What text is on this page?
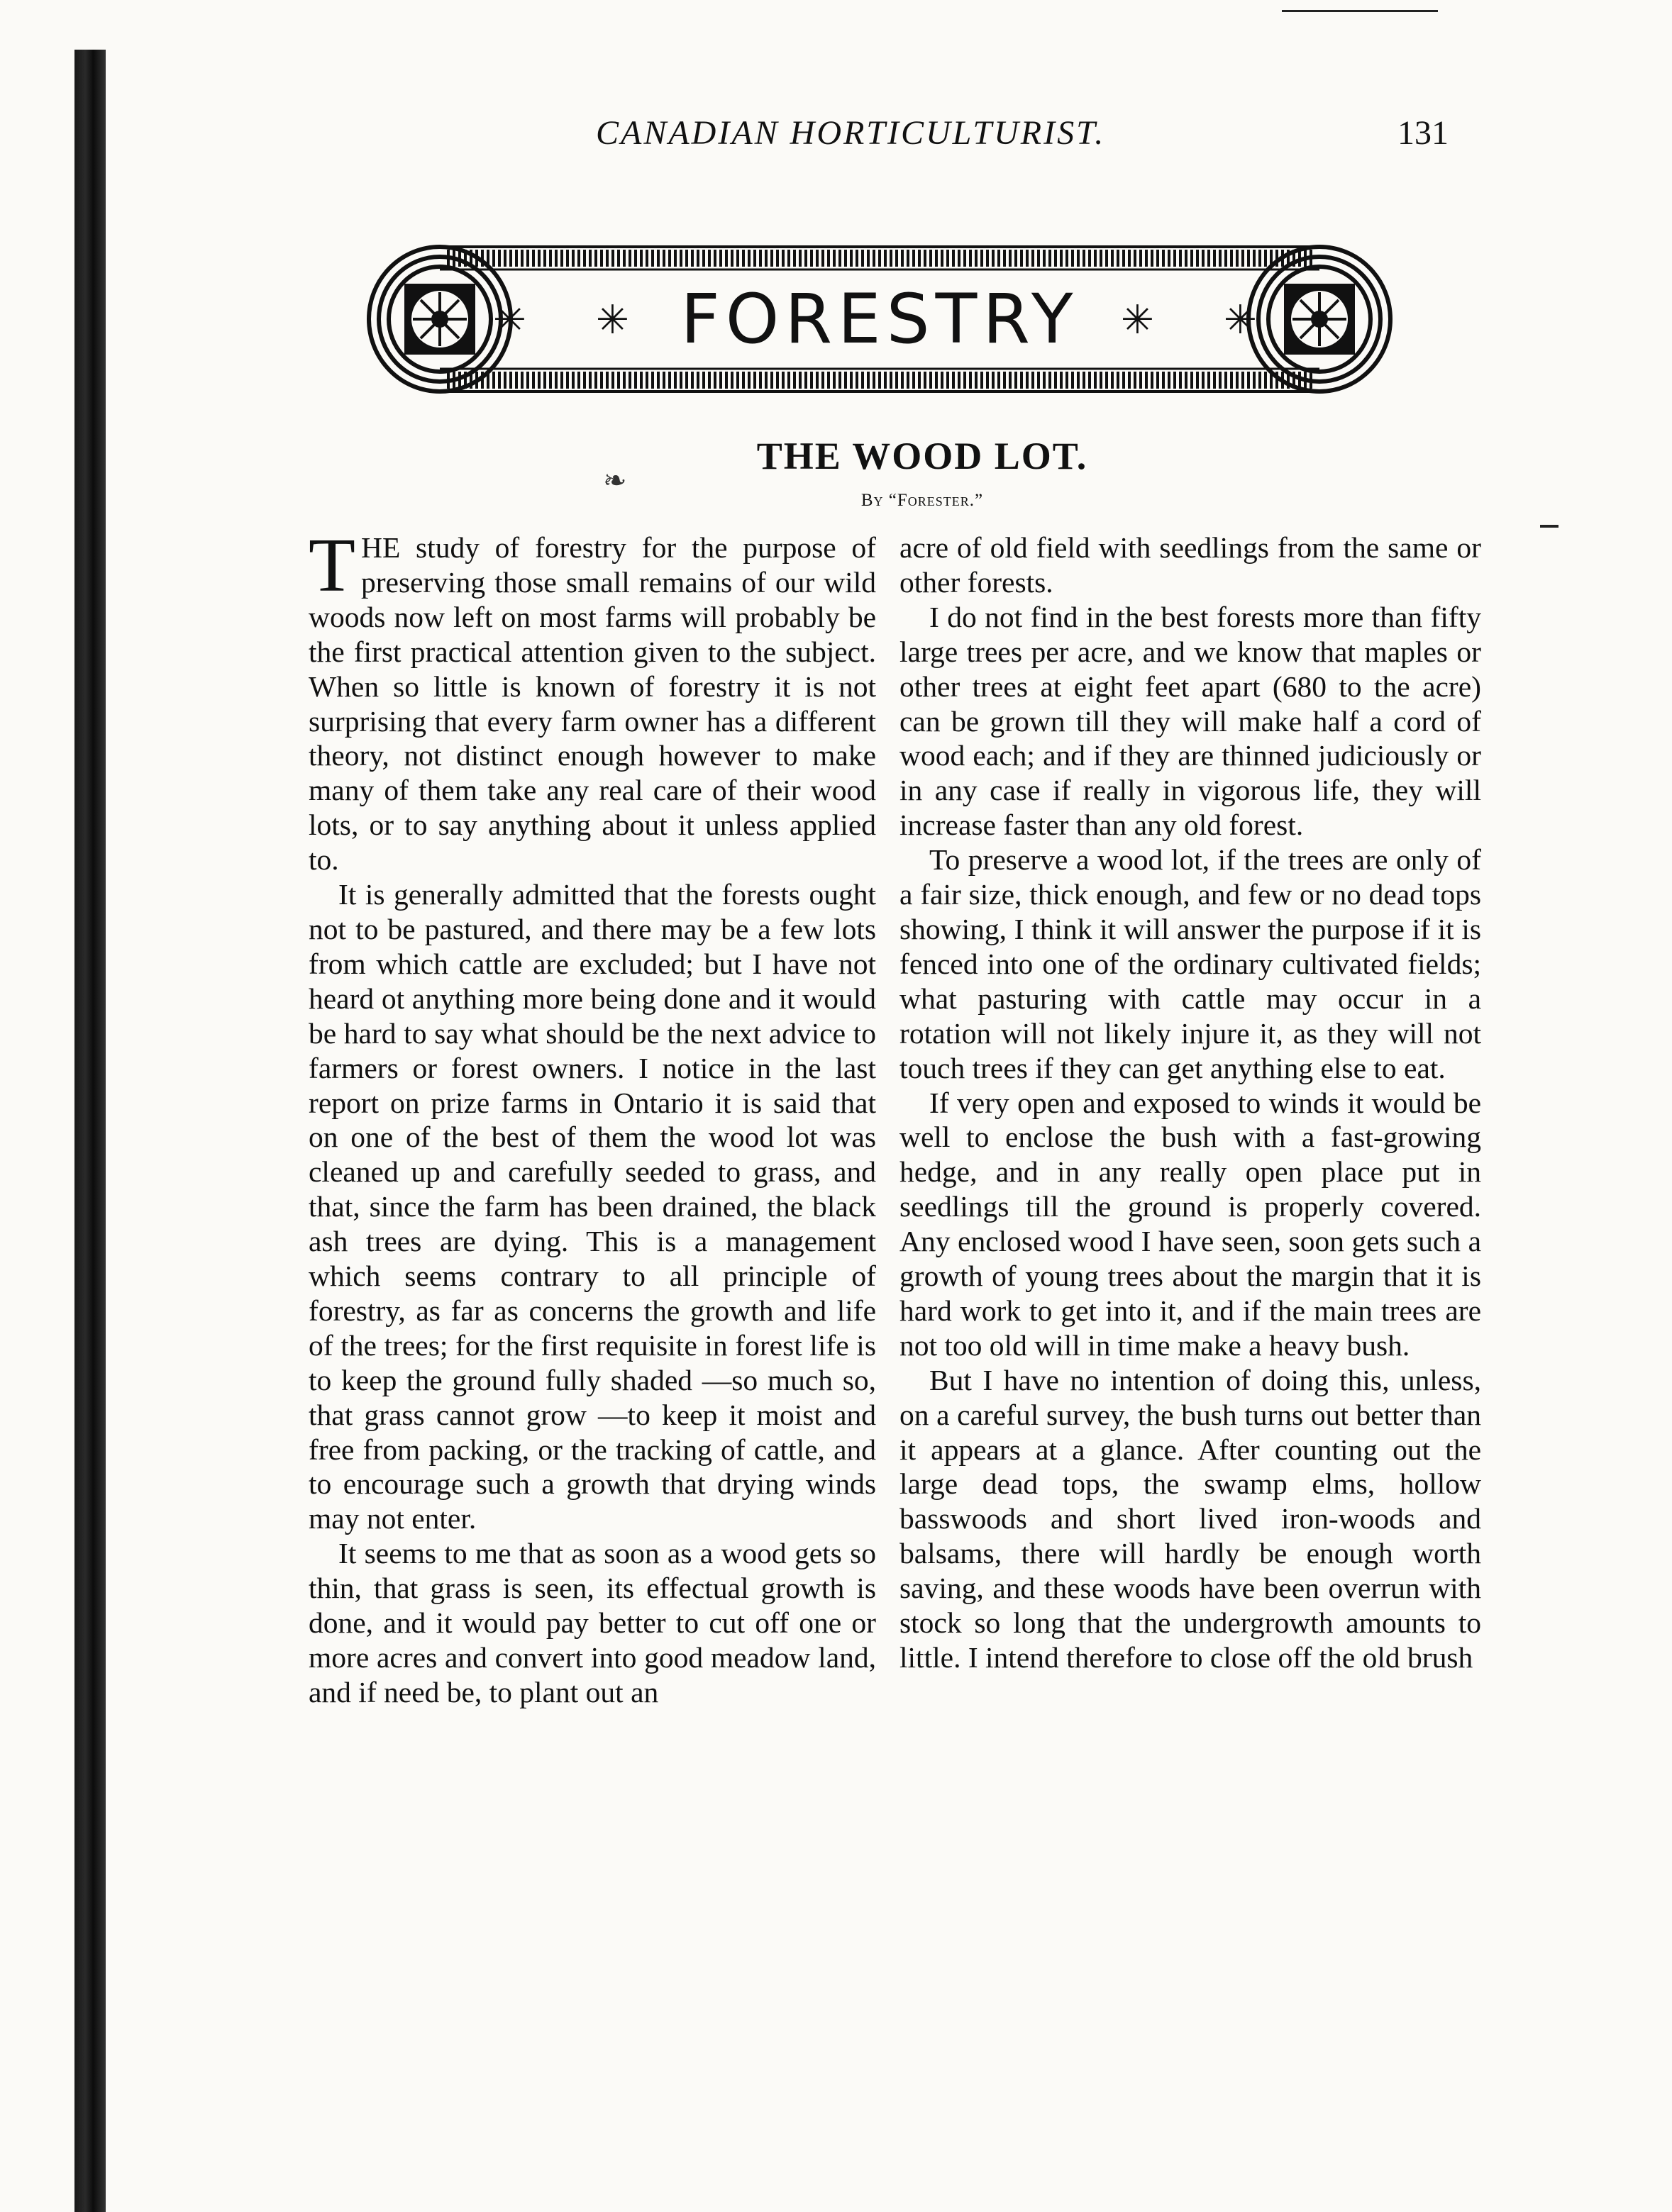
CANADIAN HORTICULTURIST.	131
✳	✳
✳	✳
FORESTRY
❧
THE WOOD LOT.
By “Forester.”

THE study of forestry for the purpose of preserving those small remains of our wild woods now left on most farms will probably be the first practical attention given to the subject. When so little is known of forestry it is not surprising that every farm owner has a different theory, not distinct enough however to make many of them take any real care of their wood lots, or to say anything about it unless applied to.

It is generally admitted that the forests ought not to be pastured, and there may be a few lots from which cattle are excluded; but I have not heard ot anything more being done and it would be hard to say what should be the next advice to farmers or forest owners. I notice in the last report on prize farms in Ontario it is said that on one of the best of them the wood lot was cleaned up and carefully seeded to grass, and that, since the farm has been drained, the black ash trees are dying. This is a management which seems contrary to all principle of forestry, as far as concerns the growth and life of the trees; for the first requisite in forest life is to keep the ground fully shaded —so much so, that grass cannot grow —to keep it moist and free from packing, or the tracking of cattle, and to encourage such a growth that drying winds may not enter.

It seems to me that as soon as a wood gets so thin, that grass is seen, its effectual growth is done, and it would pay better to cut off one or more acres and convert into good meadow land, and if need be, to plant out an

acre of old field with seedlings from the same or other forests.

I do not find in the best forests more than fifty large trees per acre, and we know that maples or other trees at eight feet apart (680 to the acre) can be grown till they will make half a cord of wood each; and if they are thinned judiciously or in any case if really in vigorous life, they will increase faster than any old forest.

To preserve a wood lot, if the trees are only of a fair size, thick enough, and few or no dead tops showing, I think it will answer the purpose if it is fenced into one of the ordinary cultivated fields; what pasturing with cattle may occur in a rotation will not likely injure it, as they will not touch trees if they can get anything else to eat.

If very open and exposed to winds it would be well to enclose the bush with a fast-growing hedge, and in any really open place put in seedlings till the ground is properly covered. Any enclosed wood I have seen, soon gets such a growth of young trees about the margin that it is hard work to get into it, and if the main trees are not too old will in time make a heavy bush.

But I have no intention of doing this, unless, on a careful survey, the bush turns out better than it appears at a glance. After counting out the large dead tops, the swamp elms, hollow basswoods and short lived iron-woods and balsams, there will hardly be enough worth saving, and these woods have been overrun with stock so long that the undergrowth amounts to little. I intend therefore to close off the old brush
